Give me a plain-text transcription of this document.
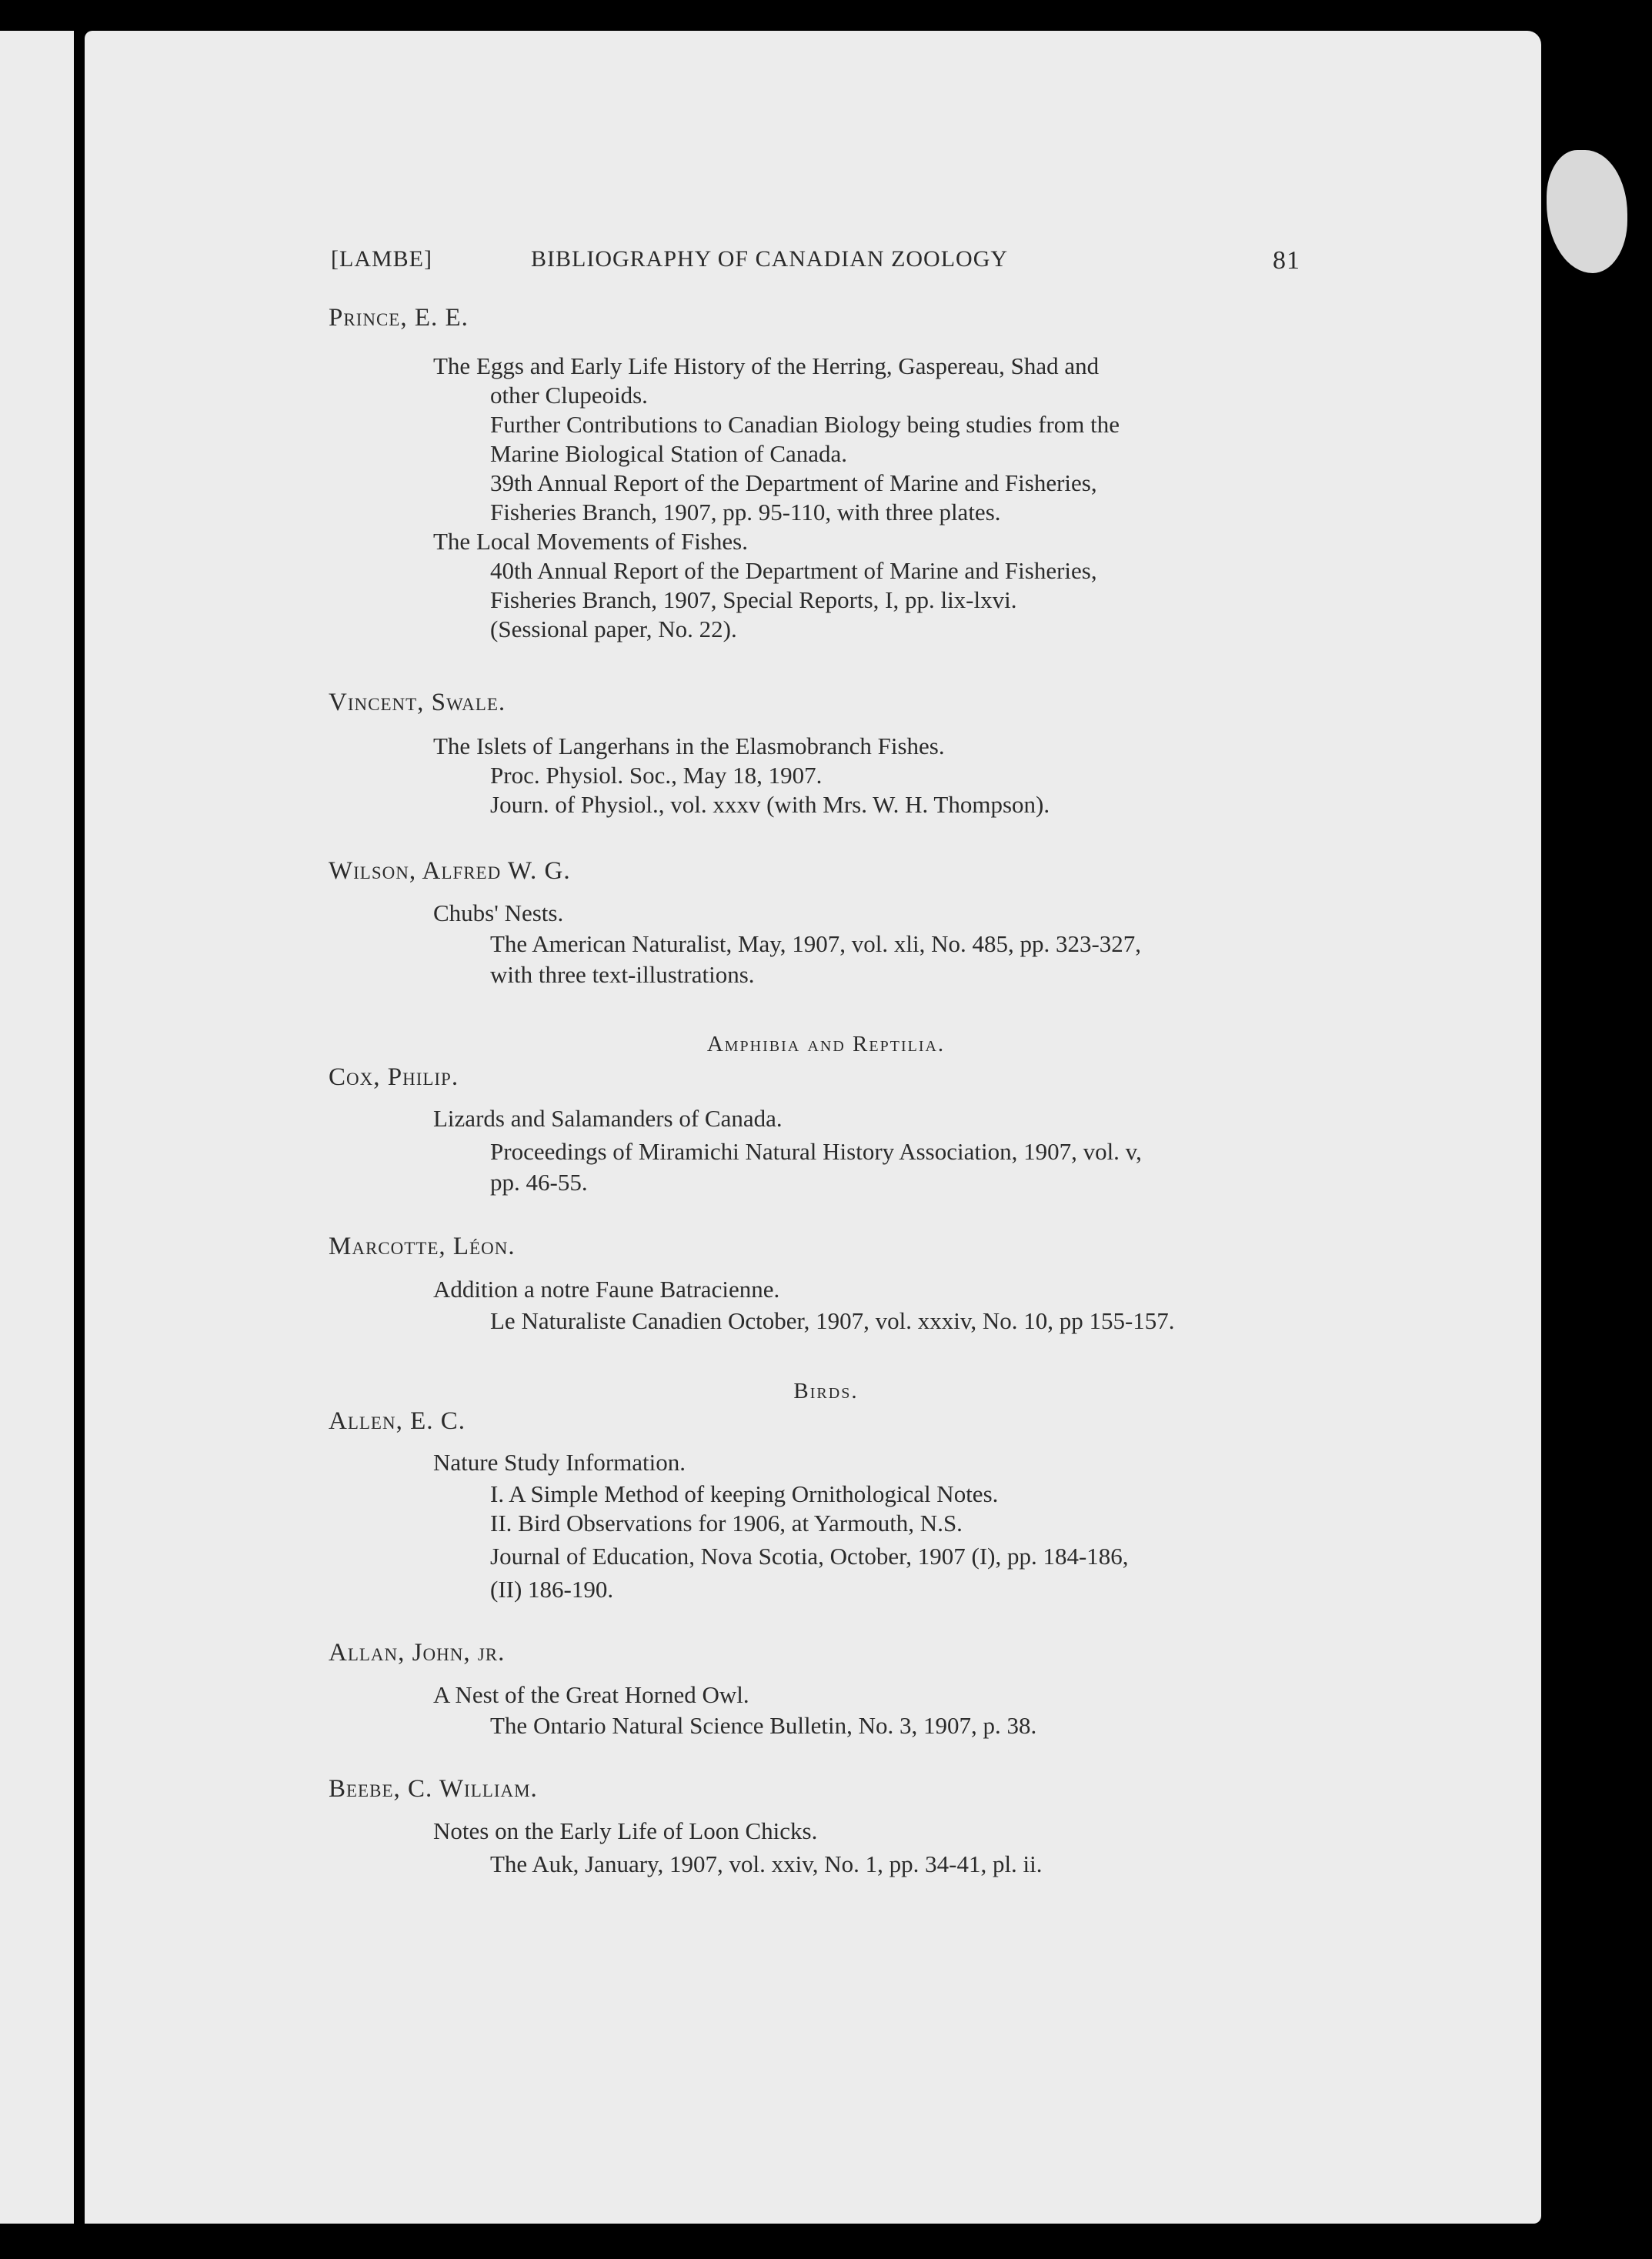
[LAMBE]	BIBLIOGRAPHY OF CANADIAN ZOOLOGY	81
Prince, E. E.
The Eggs and Early Life History of the Herring, Gaspereau, Shad and
other Clupeoids.
Further Contributions to Canadian Biology being studies from the
Marine Biological Station of Canada.
39th Annual Report of the Department of Marine and Fisheries,
Fisheries Branch, 1907, pp. 95-110, with three plates.
The Local Movements of Fishes.
40th Annual Report of the Department of Marine and Fisheries,
Fisheries Branch, 1907, Special Reports, I, pp. lix-lxvi.
(Sessional paper, No. 22).
Vincent, Swale.
The Islets of Langerhans in the Elasmobranch Fishes.
Proc. Physiol. Soc., May 18, 1907.
Journ. of Physiol., vol. xxxv (with Mrs. W. H. Thompson).
Wilson, Alfred W. G.
Chubs' Nests.
The American Naturalist, May, 1907, vol. xli, No. 485, pp. 323-327,
with three text-illustrations.
Amphibia and Reptilia.
Cox, Philip.
Lizards and Salamanders of Canada.
Proceedings of Miramichi Natural History Association, 1907, vol. v,
pp. 46-55.
Marcotte, Léon.
Addition a notre Faune Batracienne.
Le Naturaliste Canadien October, 1907, vol. xxxiv, No. 10, pp 155-157.
Birds.
Allen, E. C.
Nature Study Information.
I. A Simple Method of keeping Ornithological Notes.
II. Bird Observations for 1906, at Yarmouth, N.S.
Journal of Education, Nova Scotia, October, 1907 (I), pp. 184-186,
(II) 186-190.
Allan, John, jr.
A Nest of the Great Horned Owl.
The Ontario Natural Science Bulletin, No. 3, 1907, p. 38.
Beebe, C. William.
Notes on the Early Life of Loon Chicks.
The Auk, January, 1907, vol. xxiv, No. 1, pp. 34-41, pl. ii.
